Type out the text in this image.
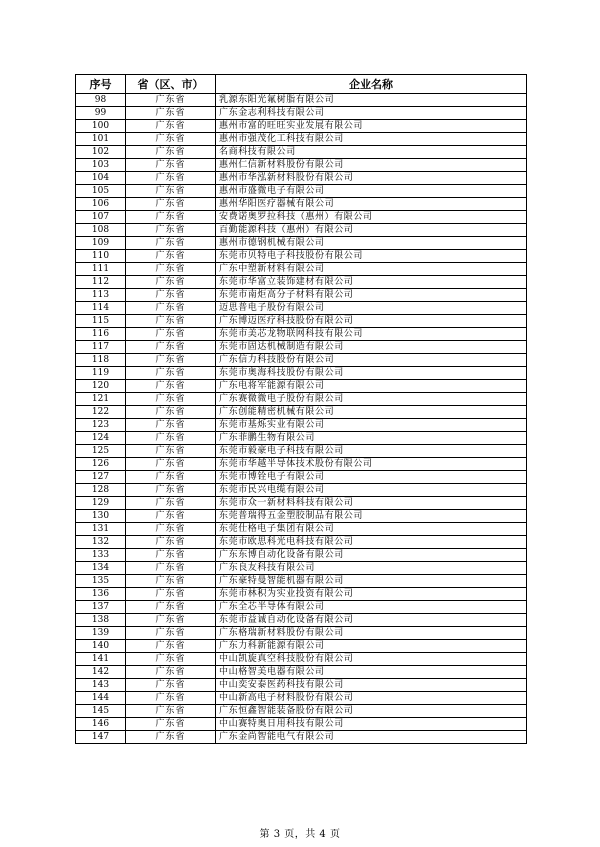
序号	省（区、市）	企业名称
98	广东省	乳源东阳光氟树脂有限公司
99	广东省	广东金志利科技有限公司
100	广东省	惠州市富的旺旺实业发展有限公司
101	广东省	惠州市强茂化工科技有限公司
102	广东省	名商科技有限公司
103	广东省	惠州仁信新材料股份有限公司
104	广东省	惠州市华泓新材料股份有限公司
105	广东省	惠州市盛微电子有限公司
106	广东省	惠州华阳医疗器械有限公司
107	广东省	安费诺奥罗拉科技（惠州）有限公司
108	广东省	百勤能源科技（惠州）有限公司
109	广东省	惠州市德钢机械有限公司
110	广东省	东莞市贝特电子科技股份有限公司
111	广东省	广东中塑新材料有限公司
112	广东省	东莞市华富立装饰建材有限公司
113	广东省	东莞市南炬高分子材料有限公司
114	广东省	迈思普电子股份有限公司
115	广东省	广东博迈医疗科技股份有限公司
116	广东省	东莞市美芯龙物联网科技有限公司
117	广东省	东莞市固达机械制造有限公司
118	广东省	广东信力科技股份有限公司
119	广东省	东莞市奥海科技股份有限公司
120	广东省	广东电将军能源有限公司
121	广东省	广东赛微微电子股份有限公司
122	广东省	广东创能精密机械有限公司
123	广东省	东莞市基烁实业有限公司
124	广东省	广东菲鹏生物有限公司
125	广东省	东莞市毅豪电子科技有限公司
126	广东省	东莞市华越半导体技术股份有限公司
127	广东省	东莞市博铨电子有限公司
128	广东省	东莞市民兴电缆有限公司
129	广东省	东莞市众一新材料科技有限公司
130	广东省	东莞普瑞得五金塑胶制品有限公司
131	广东省	东莞仕格电子集团有限公司
132	广东省	东莞市欧思科光电科技有限公司
133	广东省	广东东博自动化设备有限公司
134	广东省	广东良友科技有限公司
135	广东省	广东豪特曼智能机器有限公司
136	广东省	东莞市林积为实业投资有限公司
137	广东省	广东全芯半导体有限公司
138	广东省	东莞市益诚自动化设备有限公司
139	广东省	广东格瑞新材料股份有限公司
140	广东省	广东力科新能源有限公司
141	广东省	中山凯旋真空科技股份有限公司
142	广东省	中山格智美电器有限公司
143	广东省	中山奕安泰医药科技有限公司
144	广东省	中山新高电子材料股份有限公司
145	广东省	广东恒鑫智能装备股份有限公司
146	广东省	中山赛特奥日用科技有限公司
147	广东省	广东金尚智能电气有限公司
第 3 页，共 4 页
